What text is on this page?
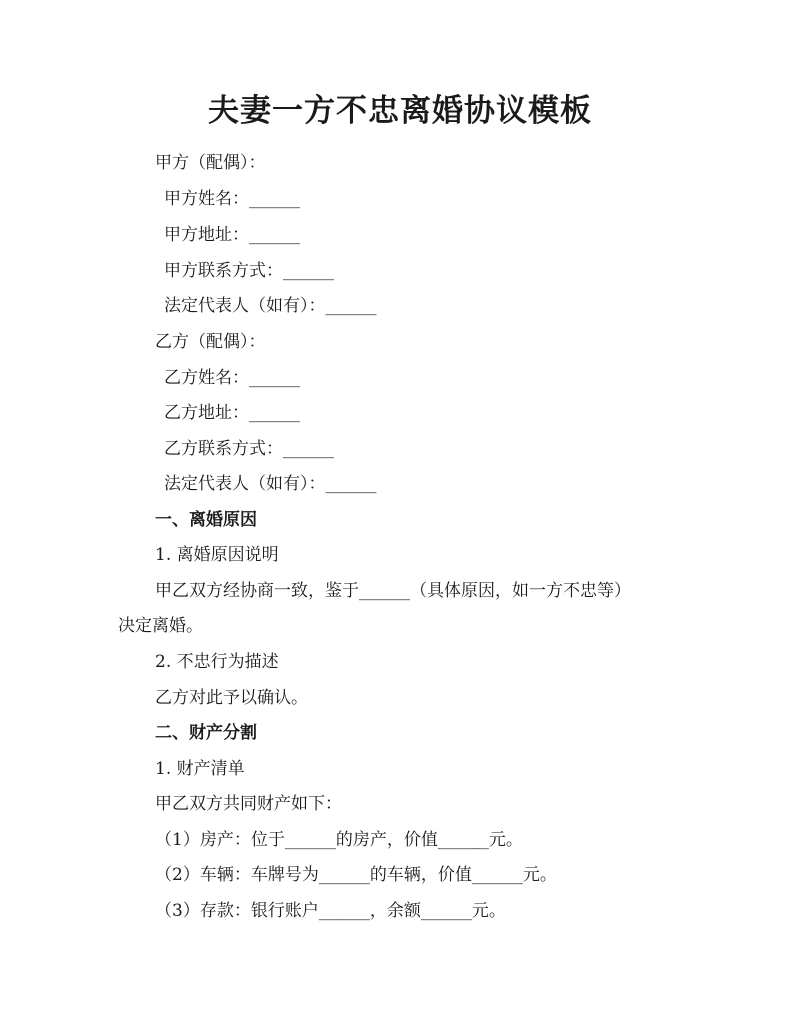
夫妻一方不忠离婚协议模板

甲方（配偶）：

甲方姓名：______

甲方地址：______

甲方联系方式：______

法定代表人（如有）：______

乙方（配偶）：

乙方姓名：______

乙方地址：______

乙方联系方式：______

法定代表人（如有）：______

一、离婚原因

1. 离婚原因说明

甲乙双方经协商一致，鉴于______（具体原因，如一方不忠等）

决定离婚。

2. 不忠行为描述

乙方对此予以确认。

二、财产分割

1. 财产清单

甲乙双方共同财产如下：

（1）房产：位于______的房产，价值______元。

（2）车辆：车牌号为______的车辆，价值______元。

（3）存款：银行账户______，余额______元。
